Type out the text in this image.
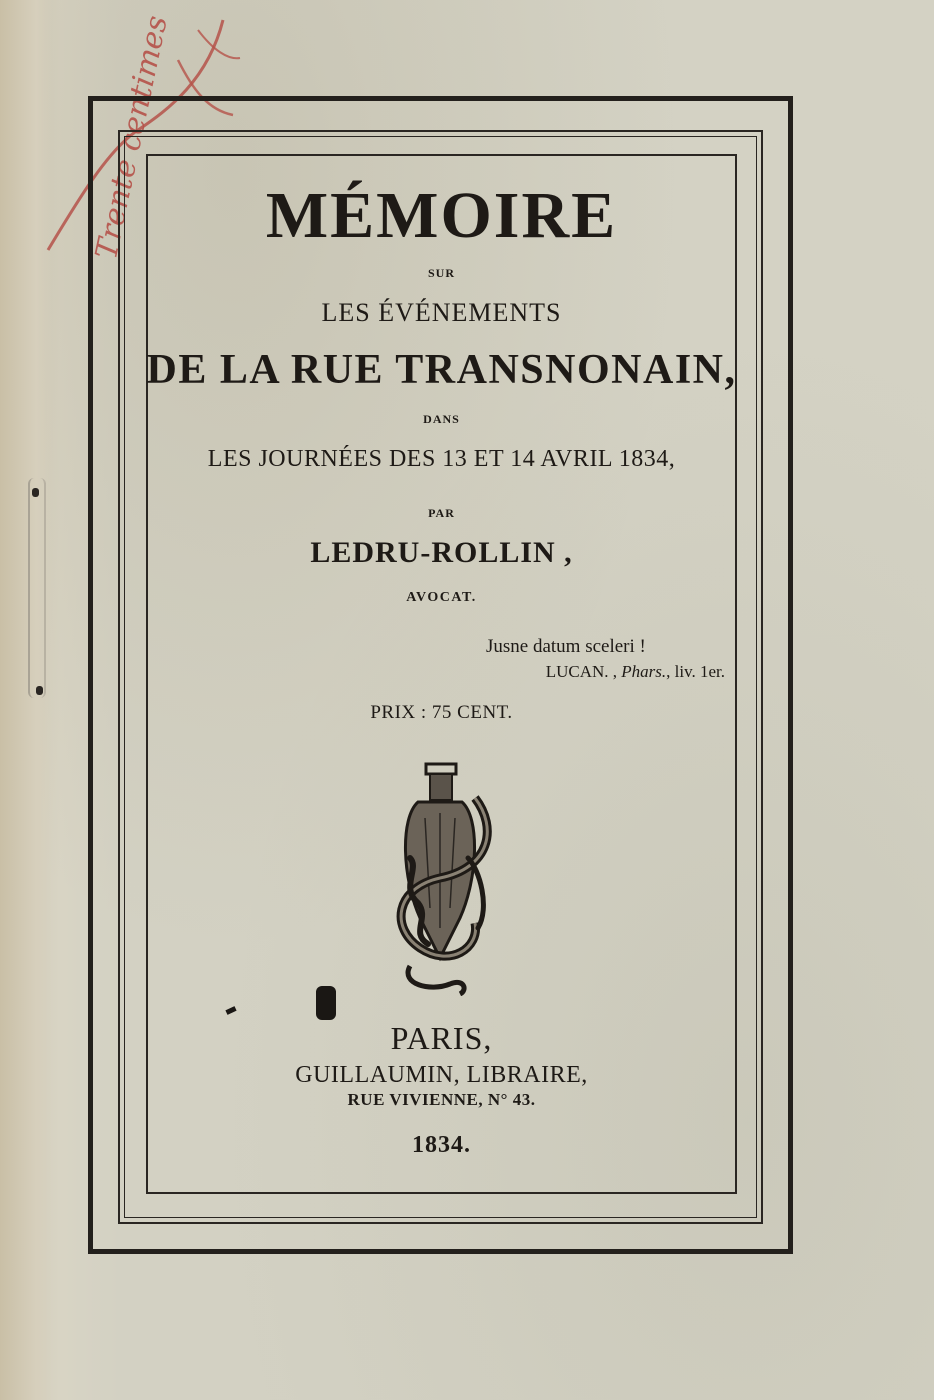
Trente centimes	MÉMOIRE
SUR
LES ÉVÉNEMENTS
DE LA RUE TRANSNONAIN,
DANS
LES JOURNÉES DES 13 ET 14 AVRIL 1834,
PAR
LEDRU-ROLLIN ,
AVOCAT.
Jusne datum sceleri !
LUCAN. , Phars., liv. 1er.
PRIX : 75 CENT.
PARIS,
GUILLAUMIN, LIBRAIRE,
RUE VIVIENNE, N° 43.
1834.
